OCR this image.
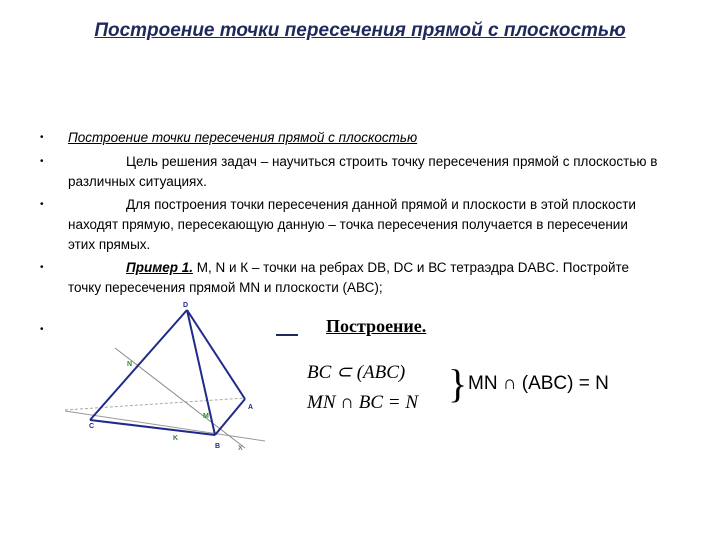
Построение точки пересечения прямой с плоскостью
• Построение точки пересечения прямой с плоскостью
•	Цель решения задач – научиться строить точку пересечения прямой с плоскостью в различных ситуациях.
•	Для построения точки пересечения данной прямой и плоскости в этой плоскости находят прямую, пересекающую данную – точка пересечения получается в пересечении этих прямых.
•	Пример 1. М, N и К – точки на ребрах DB, DC и ВС тетраэдра DABC. Постройте точку пересечения прямой MN и плоскости (АВС);
•
D
N
C
K
M
A
B	X
Построение.
BC ⊂ (ABC)
MN ∩ BC = N } MN ∩ (ABC) = N
